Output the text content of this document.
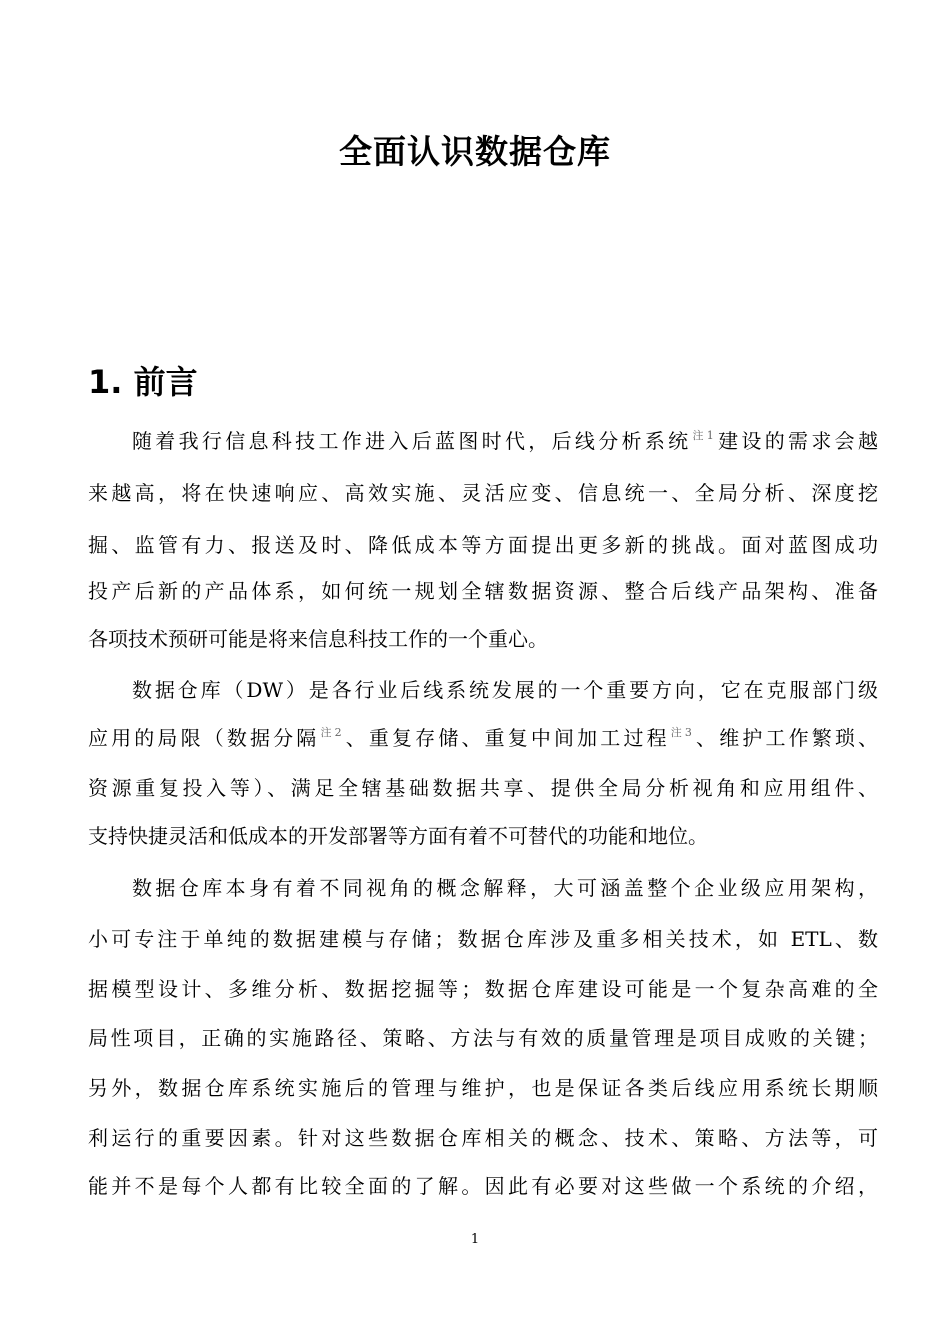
全面认识数据仓库
1. 前言
随着我行信息科技工作进入后蓝图时代，后线分析系统$^{注1}$建设的需求会越
来越高，将在快速响应、高效实施、灵活应变、信息统一、全局分析、深度挖
掘、监管有力、报送及时、降低成本等方面提出更多新的挑战。面对蓝图成功
投产后新的产品体系，如何统一规划全辖数据资源、整合后线产品架构、准备
各项技术预研可能是将来信息科技工作的一个重心。
数据仓库（DW）是各行业后线系统发展的一个重要方向，它在克服部门级
应用的局限（数据分隔$^{注2}$、重复存储、重复中间加工过程$^{注3}$、维护工作繁琐、
资源重复投入等）、满足全辖基础数据共享、提供全局分析视角和应用组件、
支持快捷灵活和低成本的开发部署等方面有着不可替代的功能和地位。
数据仓库本身有着不同视角的概念解释，大可涵盖整个企业级应用架构，
小可专注于单纯的数据建模与存储；数据仓库涉及重多相关技术，如 ETL、数
据模型设计、多维分析、数据挖掘等；数据仓库建设可能是一个复杂高难的全
局性项目，正确的实施路径、策略、方法与有效的质量管理是项目成败的关键；
另外，数据仓库系统实施后的管理与维护，也是保证各类后线应用系统长期顺
利运行的重要因素。针对这些数据仓库相关的概念、技术、策略、方法等，可
能并不是每个人都有比较全面的了解。因此有必要对这些做一个系统的介绍，
1
